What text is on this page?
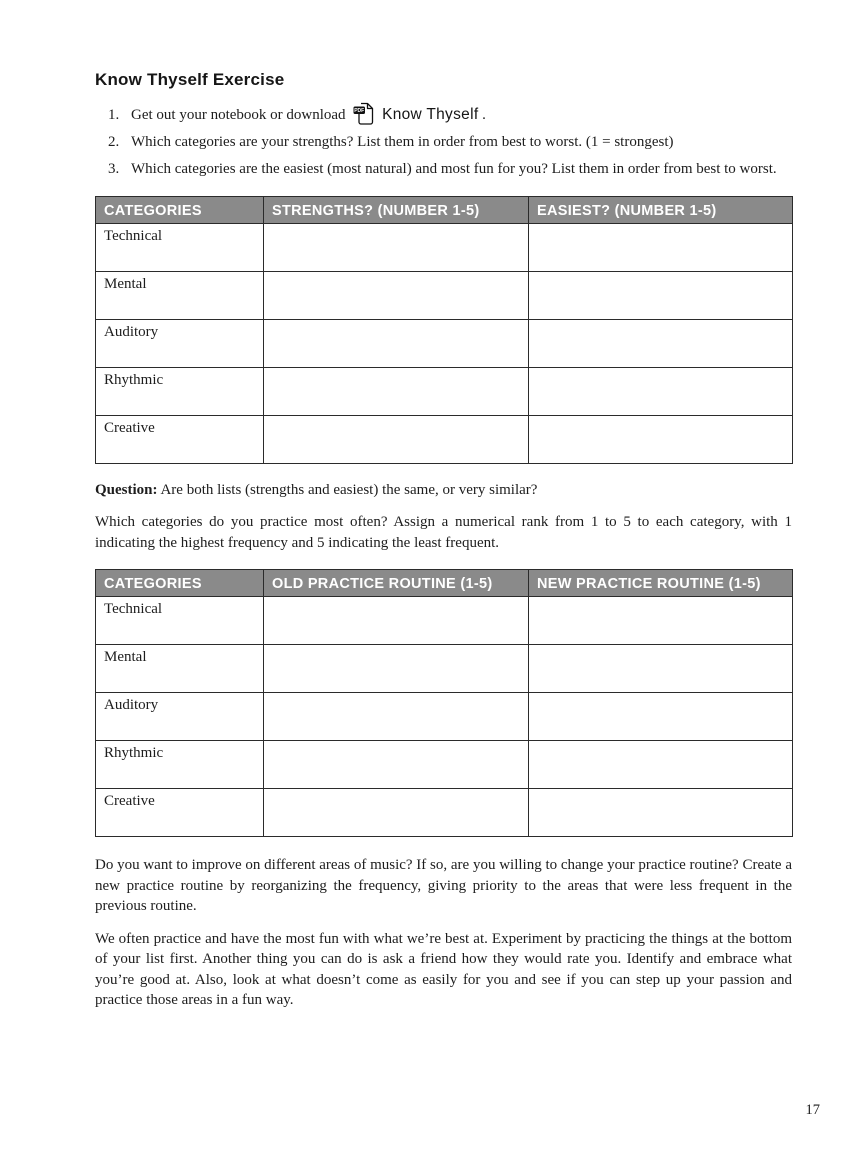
Know Thyself Exercise
1. Get out your notebook or download PDF Know Thyself .
2. Which categories are your strengths? List them in order from best to worst. (1 = strongest)
3. Which categories are the easiest (most natural) and most fun for you? List them in order from best to worst.
CATEGORIES	STRENGTHS? (NUMBER 1-5)	EASIEST? (NUMBER 1-5)
Technical		
Mental		
Auditory		
Rhythmic		
Creative		
Question: Are both lists (strengths and easiest) the same, or very similar?

Which categories do you practice most often? Assign a numerical rank from 1 to 5 to each category, with 1 indicating the highest frequency and 5 indicating the least frequent.

CATEGORIES	OLD PRACTICE ROUTINE (1-5)	NEW PRACTICE ROUTINE (1-5)
Technical		
Mental		
Auditory		
Rhythmic		
Creative		

Do you want to improve on different areas of music? If so, are you willing to change your practice routine? Create a new practice routine by reorganizing the frequency, giving priority to the areas that were less frequent in the previous routine.

We often practice and have the most fun with what we’re best at. Experiment by practicing the things at the bottom of your list first. Another thing you can do is ask a friend how they would rate you. Identify and embrace what you’re good at. Also, look at what doesn’t come as easily for you and see if you can step up your passion and practice those areas in a fun way.

17
